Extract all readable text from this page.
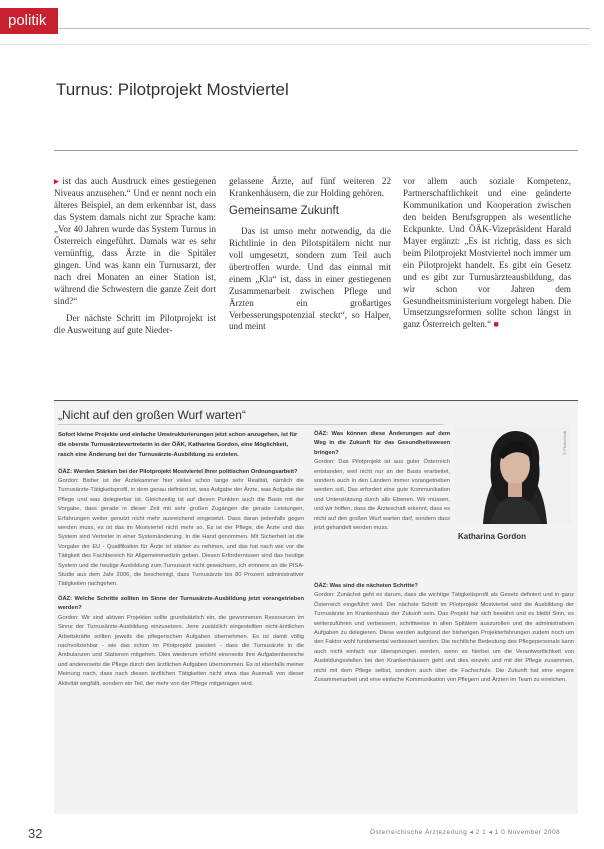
politik
Turnus: Pilotprojekt Mostviertel

▸ ist das auch Ausdruck eines gestiegenen Niveaus anzusehen.“ Und er nennt noch ein älteres Beispiel, an dem erkennbar ist, dass das System damals nicht zur Sprache kam: „Vor 40 Jahren wurde das System Turnus in Österreich eingeführt. Damals war es sehr vernünftig, dass Ärzte in die Spitäler gingen. Und was kann ein Turnusarzt, der nach drei Monaten an einer Station ist, während die Schwestern die ganze Zeit dort sind?“

Der nächste Schritt im Pilotprojekt ist die Ausweitung auf gute Nieder-

gelassene Ärzte, auf fünf weiteren 22 Krankenhäusern, die zur Holding gehören.

Gemeinsame Zukunft

Das ist umso mehr notwendig, da die Richtlinie in den Pilotspitälern nicht nur voll umgesetzt, sondern zum Teil auch übertroffen wurde. Und das einmal mit einem „Kla“ ist, dass in einer gestiegenen Zusammenarbeit zwischen Pflege und Ärzten ein großartiges Verbesserungspotenzial steckt“, so Halper, und meint

vor allem auch soziale Kompetenz, Partnerschaftlichkeit und eine geänderte Kommunikation und Kooperation zwischen den beiden Berufsgruppen als wesentliche Eckpunkte. Und ÖÄK-Vizepräsident Harald Mayer ergänzt: „Es ist richtig, dass es sich beim Pilotprojekt Mostviertel noch immer um ein Pilotprojekt handelt. Es gibt ein Gesetz und es gibt zur Turnusärzteausbildung, das wir schon vor Jahren dem Gesundheitsministerium vorgelegt haben. Die Umsetzungsreformen sollte schon längst in ganz Österreich gelten.“ ■

„Nicht auf den großen Wurf warten“
Sofort kleine Projekte und einfache Umstrukturierungen jetzt schon anzugehen, ist für die oberste Turnusärztevertreterin in der ÖÄK, Katharina Gordon, eine Möglichkeit, rasch eine Änderung bei der Turnusärzte-Ausbildung zu erzielen.

ÖÄZ: Werden Stärken bei der Pilotprojekt Mostviertel Ihrer politischen Ordnungsarbeit?
Gordon: Bisher ist der Ärztekammer hier vieles schon lange sehr Realität, nämlich die Turnusärzte-Tätigkeitsprofil, in dem genau definiert ist, was Aufgabe der Ärzte, was Aufgabe der Pflege und was delegierbar ist. Gleichzeitig ist auf diesen Punkten auch die Basis mit der Vorgabe, dass gerade in dieser Zeit mit sehr großen Zugängen die gerade Leistungen, Erfahrungen weiter genutzt nicht mehr ausreichend eingesetzt. Dass daran jedenfalls gegen werden muss, es ist das im Mostviertel nicht mehr so. Es ist der Pflege, die Ärzte und das System sind Vertreter in einer Systemänderung. In die Hand genommen. Mit Sicherheit ist die Vorgabe der EU - Qualifikation für Ärzte ist stärker zu nehmen, und das hat nach wie vor die Tätigkeit des Fachbereich für Allgemeinmedizin geben. Diesen Erfordernissen sind das heutige System und die heutige Ausbildung zum Turnusarzt nicht gewachsen, ich erinnere an die PISA-Studie aus dem Jahr 2006, die bescheinigt, dass Turnusärzte bis 80 Prozent administrativer Tätigkeiten nachgehen.

ÖÄZ: Welche Schritte sollten im Sinne der Turnusärzte-Ausbildung jetzt vorangetrieben werden?
Gordon: Wir sind aktiven Projekten sollte grundsätzlich ein, die gewonnenen Ressourcen im Sinne der Turnusärzte-Ausbildung einzusetzen. Jene zusätzlich eingestellten nicht-ärztlichen Arbeitskräfte sollten jeweils die pflegerischen Aufgaben übernehmen. Es ist damit völlig nachvollziehbar - wie das schon im Pilotprojekt passiert - dass die Turnusärzte in die Ambulanzen und Stationen mitgehen. Dies wiederum erhöht einerseits ihre Aufgabenbereiche und andererseits die Pflege durch den ärztlichen Aufgaben übernommen. Es ist ebenfalls meiner Meinung nach, dass nach diesen ärztlichen Tätigkeiten nicht etwa das Ausmaß von dieser Aktivität wegfällt, sondern ein Teil, der mehr von der Pflege mitgetragen wird.

ÖÄZ: Was können diese Änderungen auf dem Weg in die Zukunft für das Gesundheitswesen bringen?
Gordon: Das Pilotprojekt ist aus guter Österreich entstanden, weil nicht nur an der Basis erarbeitet, sondern auch in den Ländern immer vorangetrieben werden soll. Das erfordert eine gute Kommunikation und Unterstützung durch alle Ebenen. Wir müssen, und wir hoffen, dass die Ärzteschaft erkennt, dass es nicht auf den großen Wurf warten darf, sondern dass jetzt gehandelt werden muss.

ÖÄZ: Was sind die nächsten Schritte?
Gordon: Zunächst geht es darum, dass die wichtige Tätigkeitsprofil als Gesetz definiert und in ganz Österreich eingeführt wird. Der nächste Schritt im Pilotprojekt Mostviertel wird die Ausbildung der Turnusärzte im Krankenhaus der Zukunft sein. Das Projekt hat sich bewährt und es bleibt Sinn, es weiterzuführen und verbessern, schrittweise in allen Spitälern auszurollen und die administrativen Aufgaben zu delegieren. Diese werden aufgrund der bisherigen Projekterfahrungen zudem noch um den Faktor wohl fundamental verbessert werden. Die rechtliche Bedeutung des Pflegepersonals kann auch nicht einfach nur übersprungen werden, wenn es hierbei um die Verantwortlichkeit von Ausbildungsstellen bei den Krankenhäusern geht und dies einzeln und mit der Pflege zusammen, nicht mit dem Pflege selbst, sondern auch über die Fachschule. Die Zukunft hat eine engere Zusammenarbeit und eine einfache Kommunikation von Pflegern und Ärzten im Team zu erreichen.

© Photocredit
Katharina Gordon
32	Österreichische Ärztezeitung ◂ 2 1 ◂ 1 0 November 2008
